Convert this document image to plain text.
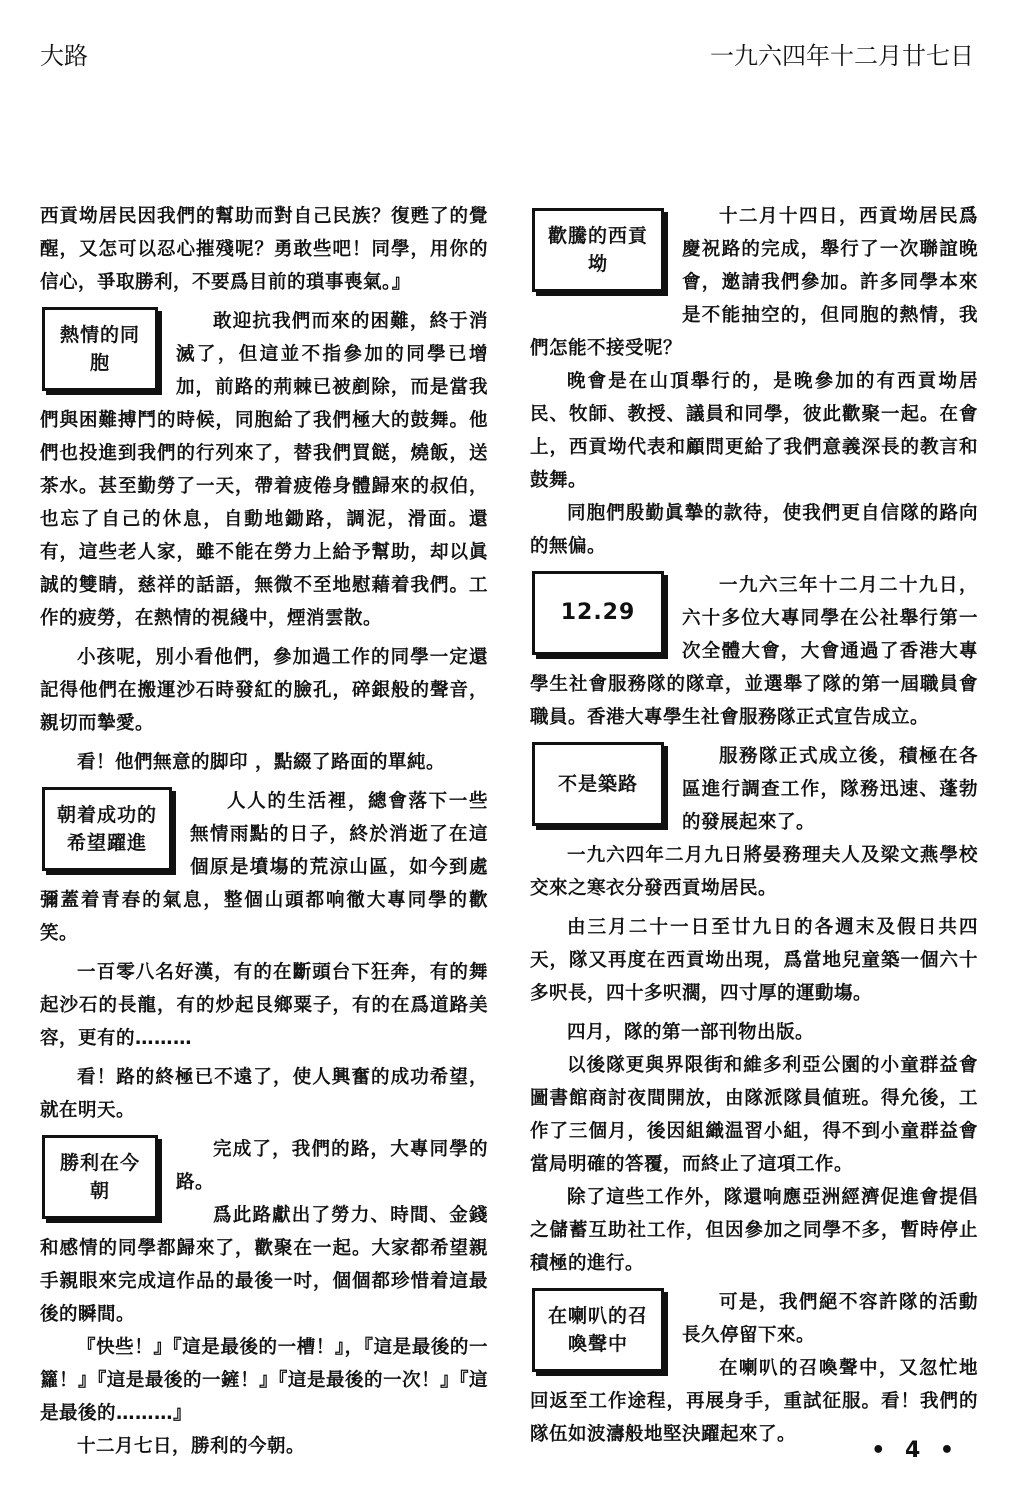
大路	一九六四年十二月廿七日

西貢坳居民因我們的幫助而對自己民族？復甦了的覺醒，又怎可以忍心摧殘呢？勇敢些吧！同學，用你的信心，爭取勝利，不要爲目前的瑣事喪氣。』

熱情的同胞

敢迎抗我們而來的困難，終于消滅了，但這並不指參加的同學已增加，前路的荊棘已被剷除，而是當我們與困難搏鬥的時候，同胞給了我們極大的鼓舞。他們也投進到我們的行列來了，替我們買餸，燒飯，送茶水。甚至勤勞了一天，帶着疲倦身體歸來的叔伯，也忘了自己的休息，自動地鋤路，調泥，滑面。還有，這些老人家，雖不能在勞力上給予幫助，却以眞誠的雙睛，慈祥的話語，無微不至地慰藉着我們。工作的疲勞，在熱情的視綫中，煙消雲散。

小孩呢，別小看他們，參加過工作的同學一定還記得他們在搬運沙石時發紅的臉孔，碎銀般的聲音，親切而摯愛。

看！他們無意的脚印 ，點綴了路面的單純。

朝着成功的希望躍進

人人的生活裡，總會落下一些無情雨點的日子，終於消逝了在這個原是墳塲的荒涼山區，如今到處彌蓋着青春的氣息，整個山頭都响徹大專同學的歡笑。

一百零八名好漢，有的在斷頭台下狂奔，有的舞起沙石的長龍，有的炒起艮鄉粟子，有的在爲道路美容，更有的………

看！路的終極已不遠了，使人興奮的成功希望，就在明天。

勝利在今朝

完成了，我們的路，大專同學的路。

爲此路獻出了勞力、時間、金錢和感情的同學都歸來了，歡聚在一起。大家都希望親手親眼來完成這作品的最後一吋，個個都珍惜着這最後的瞬間。

『快些！』『這是最後的一槽！』，『這是最後的一籮！』『這是最後的一鏟！』『這是最後的一次！』『這是最後的………』

十二月七日，勝利的今朝。

歡騰的西貢坳

十二月十四日，西貢坳居民爲慶祝路的完成，舉行了一次聯誼晚會，邀請我們參加。許多同學本來是不能抽空的，但同胞的熱情，我們怎能不接受呢？

晚會是在山頂舉行的，是晚參加的有西貢坳居民、牧師、教授、議員和同學，彼此歡聚一起。在會上，西貢坳代表和顧問更給了我們意義深長的教言和鼓舞。

同胞們殷勤眞摯的款待，使我們更自信隊的路向的無偏。

12.29

一九六三年十二月二十九日，六十多位大專同學在公社舉行第一次全體大會，大會通過了香港大專學生社會服務隊的隊章，並選舉了隊的第一屆職員會職員。香港大專學生社會服務隊正式宣告成立。

不是築路

服務隊正式成立後，積極在各區進行調查工作，隊務迅速、蓬勃的發展起來了。

一九六四年二月九日將晏務理夫人及梁文燕學校交來之寒衣分發西貢坳居民。

由三月二十一日至廿九日的各週末及假日共四天，隊又再度在西貢坳出現，爲當地兒童築一個六十多呎長，四十多呎濶，四寸厚的運動塲。

四月，隊的第一部刊物出版。

以後隊更與界限街和維多利亞公園的小童群益會圖書館商討夜間開放，由隊派隊員値班。得允後，工作了三個月，後因組織温習小組，得不到小童群益會當局明確的答覆，而終止了這項工作。

除了這些工作外，隊還响應亞洲經濟促進會提倡之儲蓄互助社工作，但因參加之同學不多，暫時停止積極的進行。

在喇叭的召喚聲中

可是，我們絕不容許隊的活動長久停留下來。

在喇叭的召喚聲中，又忽忙地回返至工作途程，再展身手，重試征服。看！我們的隊伍如波濤般地堅決躍起來了。

• 4 •
